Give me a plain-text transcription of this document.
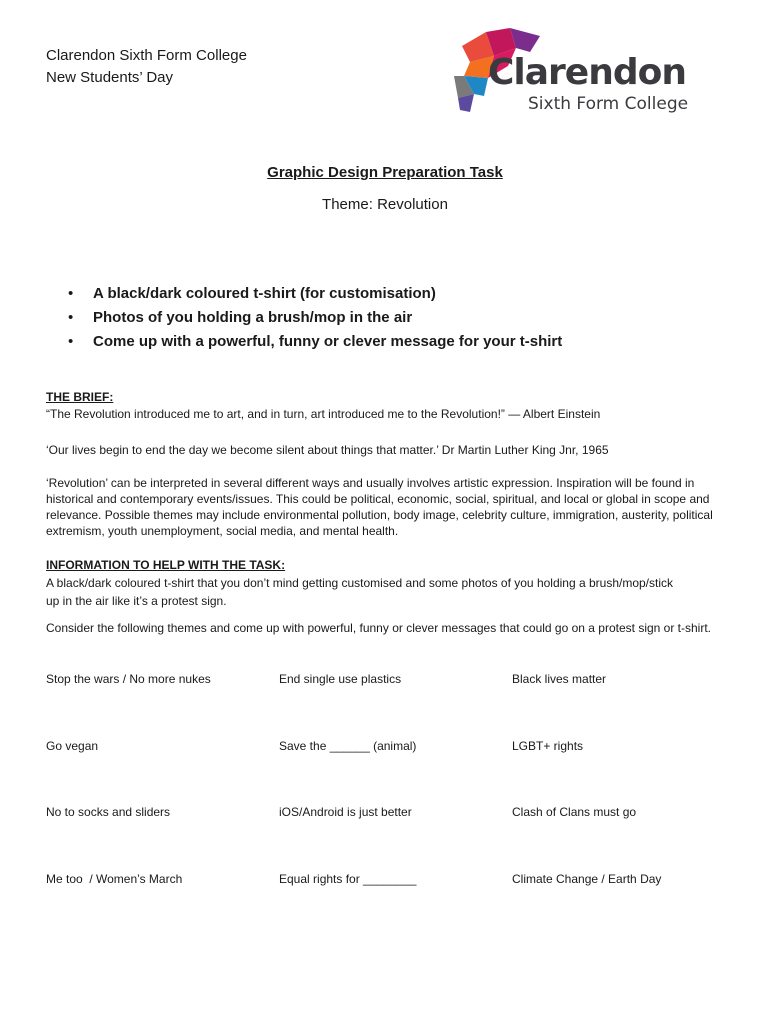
Clarendon Sixth Form College
New Students’ Day	Clarendon
Sixth Form College
Graphic Design Preparation Task
Theme: Revolution
• A black/dark coloured t-shirt (for customisation)
• Photos of you holding a brush/mop in the air
• Come up with a powerful, funny or clever message for your t-shirt
THE BRIEF:
“The Revolution introduced me to art, and in turn, art introduced me to the Revolution!” — Albert Einstein
‘Our lives begin to end the day we become silent about things that matter.’ Dr Martin Luther King Jnr, 1965
‘Revolution’ can be interpreted in several different ways and usually involves artistic expression. Inspiration will be found in historical and contemporary events/issues. This could be political, economic, social, spiritual, and local or global in scope and relevance. Possible themes may include environmental pollution, body image, celebrity culture, immigration, austerity, political extremism, youth unemployment, social media, and mental health.
INFORMATION TO HELP WITH THE TASK:
A black/dark coloured t-shirt that you don’t mind getting customised and some photos of you holding a brush/mop/stick up in the air like it’s a protest sign.
Consider the following themes and come up with powerful, funny or clever messages that could go on a protest sign or t-shirt.
Stop the wars / No more nukes	End single use plastics	Black lives matter
Go vegan	Save the ______ (animal)	LGBT+ rights
No to socks and sliders	iOS/Android is just better	Clash of Clans must go
Me too  / Women’s March	Equal rights for ________	Climate Change / Earth Day
